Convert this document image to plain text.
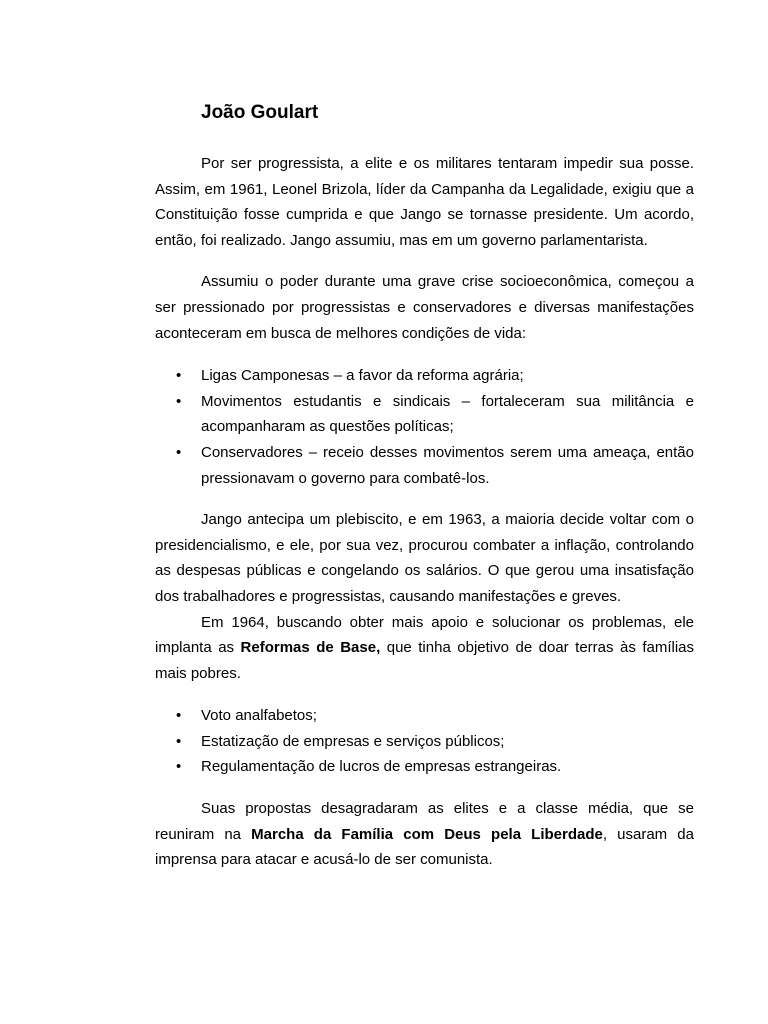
João Goulart

Por ser progressista, a elite e os militares tentaram impedir sua posse. Assim, em 1961, Leonel Brizola, líder da Campanha da Legalidade, exigiu que a Constituição fosse cumprida e que Jango se tornasse presidente. Um acordo, então, foi realizado. Jango assumiu, mas em um governo parlamentarista.

Assumiu o poder durante uma grave crise socioeconômica, começou a ser pressionado por progressistas e conservadores e diversas manifestações aconteceram em busca de melhores condições de vida:

• Ligas Camponesas – a favor da reforma agrária;
• Movimentos estudantis e sindicais – fortaleceram sua militância e acompanharam as questões políticas;
• Conservadores – receio desses movimentos serem uma ameaça, então pressionavam o governo para combatê-los.

Jango antecipa um plebiscito, e em 1963, a maioria decide voltar com o presidencialismo, e ele, por sua vez, procurou combater a inflação, controlando as despesas públicas e congelando os salários. O que gerou uma insatisfação dos trabalhadores e progressistas, causando manifestações e greves.

Em 1964, buscando obter mais apoio e solucionar os problemas, ele implanta as Reformas de Base, que tinha objetivo de doar terras às famílias mais pobres.

• Voto analfabetos;
• Estatização de empresas e serviços públicos;
• Regulamentação de lucros de empresas estrangeiras.

Suas propostas desagradaram as elites e a classe média, que se reuniram na Marcha da Família com Deus pela Liberdade, usaram da imprensa para atacar e acusá-lo de ser comunista.
